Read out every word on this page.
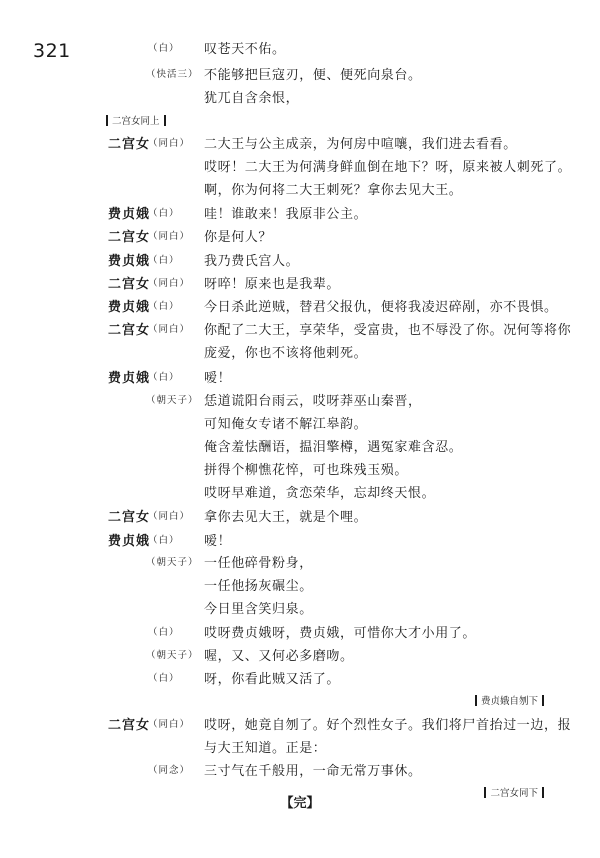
321	（白） 叹苍天不佑。
（快活三） 不能够把巨寇刃，便、便死向泉台。
犹兀自含余恨，
二宫女同上
二宫女
（同白） 二大王与公主成亲，为何房中喧嚷，我们进去看看。
哎呀！二大王为何满身鲜血倒在地下？呀，原来被人刺死了。
啊，你为何将二大王刺死？拿你去见大王。
费贞娥
（白） 哇！谁敢来！我原非公主。
二宫女
（同白） 你是何人？
费贞娥
（白） 我乃费氏宫人。
二宫女
（同白） 呀啐！原来也是我辈。
费贞娥
（白） 今日杀此逆贼，替君父报仇，便将我凌迟碎剐，亦不畏惧。
二宫女
（同白） 你配了二大王，享荣华，受富贵，也不辱没了你。况何等将你
庞爱，你也不该将他剌死。
费贞娥
（白） 嗳！
（朝天子） 恁道谎阳台雨云，哎呀莽巫山秦晋，
可知俺女专诸不解江皋韵。
俺含羞怯酬语，揾泪擎樽，遇冤家难含忍。
拼得个柳憔花悴，可也珠残玉殒。
哎呀早难道，贪恋荣华，忘却终天恨。
二宫女
（同白） 拿你去见大王，就是个哩。
费贞娥
（白） 嗳！
（朝天子） 一任他碎骨粉身，
一任他扬灰碾尘。
今日里含笑归泉。
（白） 哎呀费贞娥呀，费贞娥，可惜你大才小用了。
（朝天子） 喔，又、又何必多磨吻。
（白） 呀，你看此贼又活了。
费贞娥自刎下
二宫女
（同白） 哎呀，她竟自刎了。好个烈性女子。我们将尸首抬过一边，报
与大王知道。正是：
（同念） 三寸气在千般用，一命无常万事休。
二宫女同下
【完】
